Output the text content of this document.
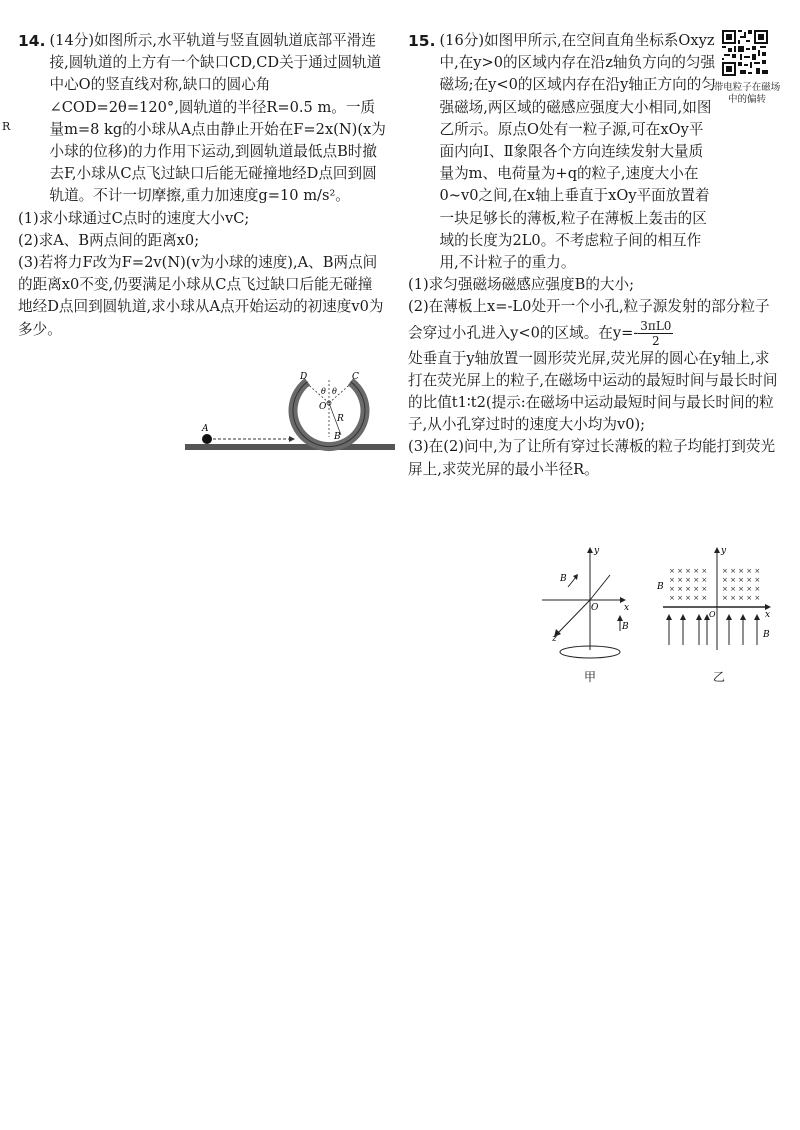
R
14. (14分)如图所示,水平轨道与竖直圆轨道底部平滑连接,圆轨道的上方有一个缺口CD,CD关于通过圆轨道中心O的竖直线对称,缺口的圆心角∠COD=2θ=120°,圆轨道的半径R=0.5 m。一质量m=8 kg的小球从A点由静止开始在F=2x(N)(x为小球的位移)的力作用下运动,到圆轨道最低点B时撤去F,小球从C点飞过缺口后能无碰撞地经D点回到圆轨道。不计一切摩擦,重力加速度g=10 m/s²。

(1)求小球通过C点时的速度大小vC;

(2)求A、B两点间的距离x0;

(3)若将力F改为F=2v(N)(v为小球的速度),A、B两点间的距离x0不变,仍要满足小球从C点飞过缺口后能无碰撞地经D点回到圆轨道,求小球从A点开始运动的初速度v0为多少。

D	C
O
R
B
A
θ θ
15. (16分)如图甲所示,在空间直角坐标系Oxyz中,在y>0的区域内存在沿z轴负方向的匀强磁场;在y<0的区域内存在沿y轴正方向的匀强磁场,两区域的磁感应强度大小相同,如图乙所示。原点O处有一粒子源,可在xOy平面内向Ⅰ、Ⅱ象限各个方向连续发射大量质量为m、电荷量为+q的粒子,速度大小在0~v0之间,在x轴上垂直于xOy平面放置着一块足够长的薄板,粒子在薄板上轰击的区域的长度为2L0。不考虑粒子间的相互作用,不计粒子的重力。

(1)求匀强磁场磁感应强度B的大小;

(2)在薄板上x=-L0处开一个小孔,粒子源发射的部分粒子会穿过小孔进入y<0的区域。在$y=- \frac{3\pi L0}{2}$

处垂直于y轴放置一圆形荧光屏,荧光屏的圆心在y轴上,求打在荧光屏上的粒子,在磁场中运动的最短时间与最长时间的比值t1∶t2(提示:在磁场中运动最短时间与最长时间的粒子,从小孔穿过时的速度大小均为v0);

(3)在(2)问中,为了让所有穿过长薄板的粒子均能打到荧光屏上,求荧光屏的最小半径R。

带电粒子在磁场中的偏转
y
x
z
O
B
B
甲
× × × × × × × × × ×
× × × × × × × × × ×
× × × × × × × × × ×
× × × × × × × × × ×
y
x
O
B
B
乙
